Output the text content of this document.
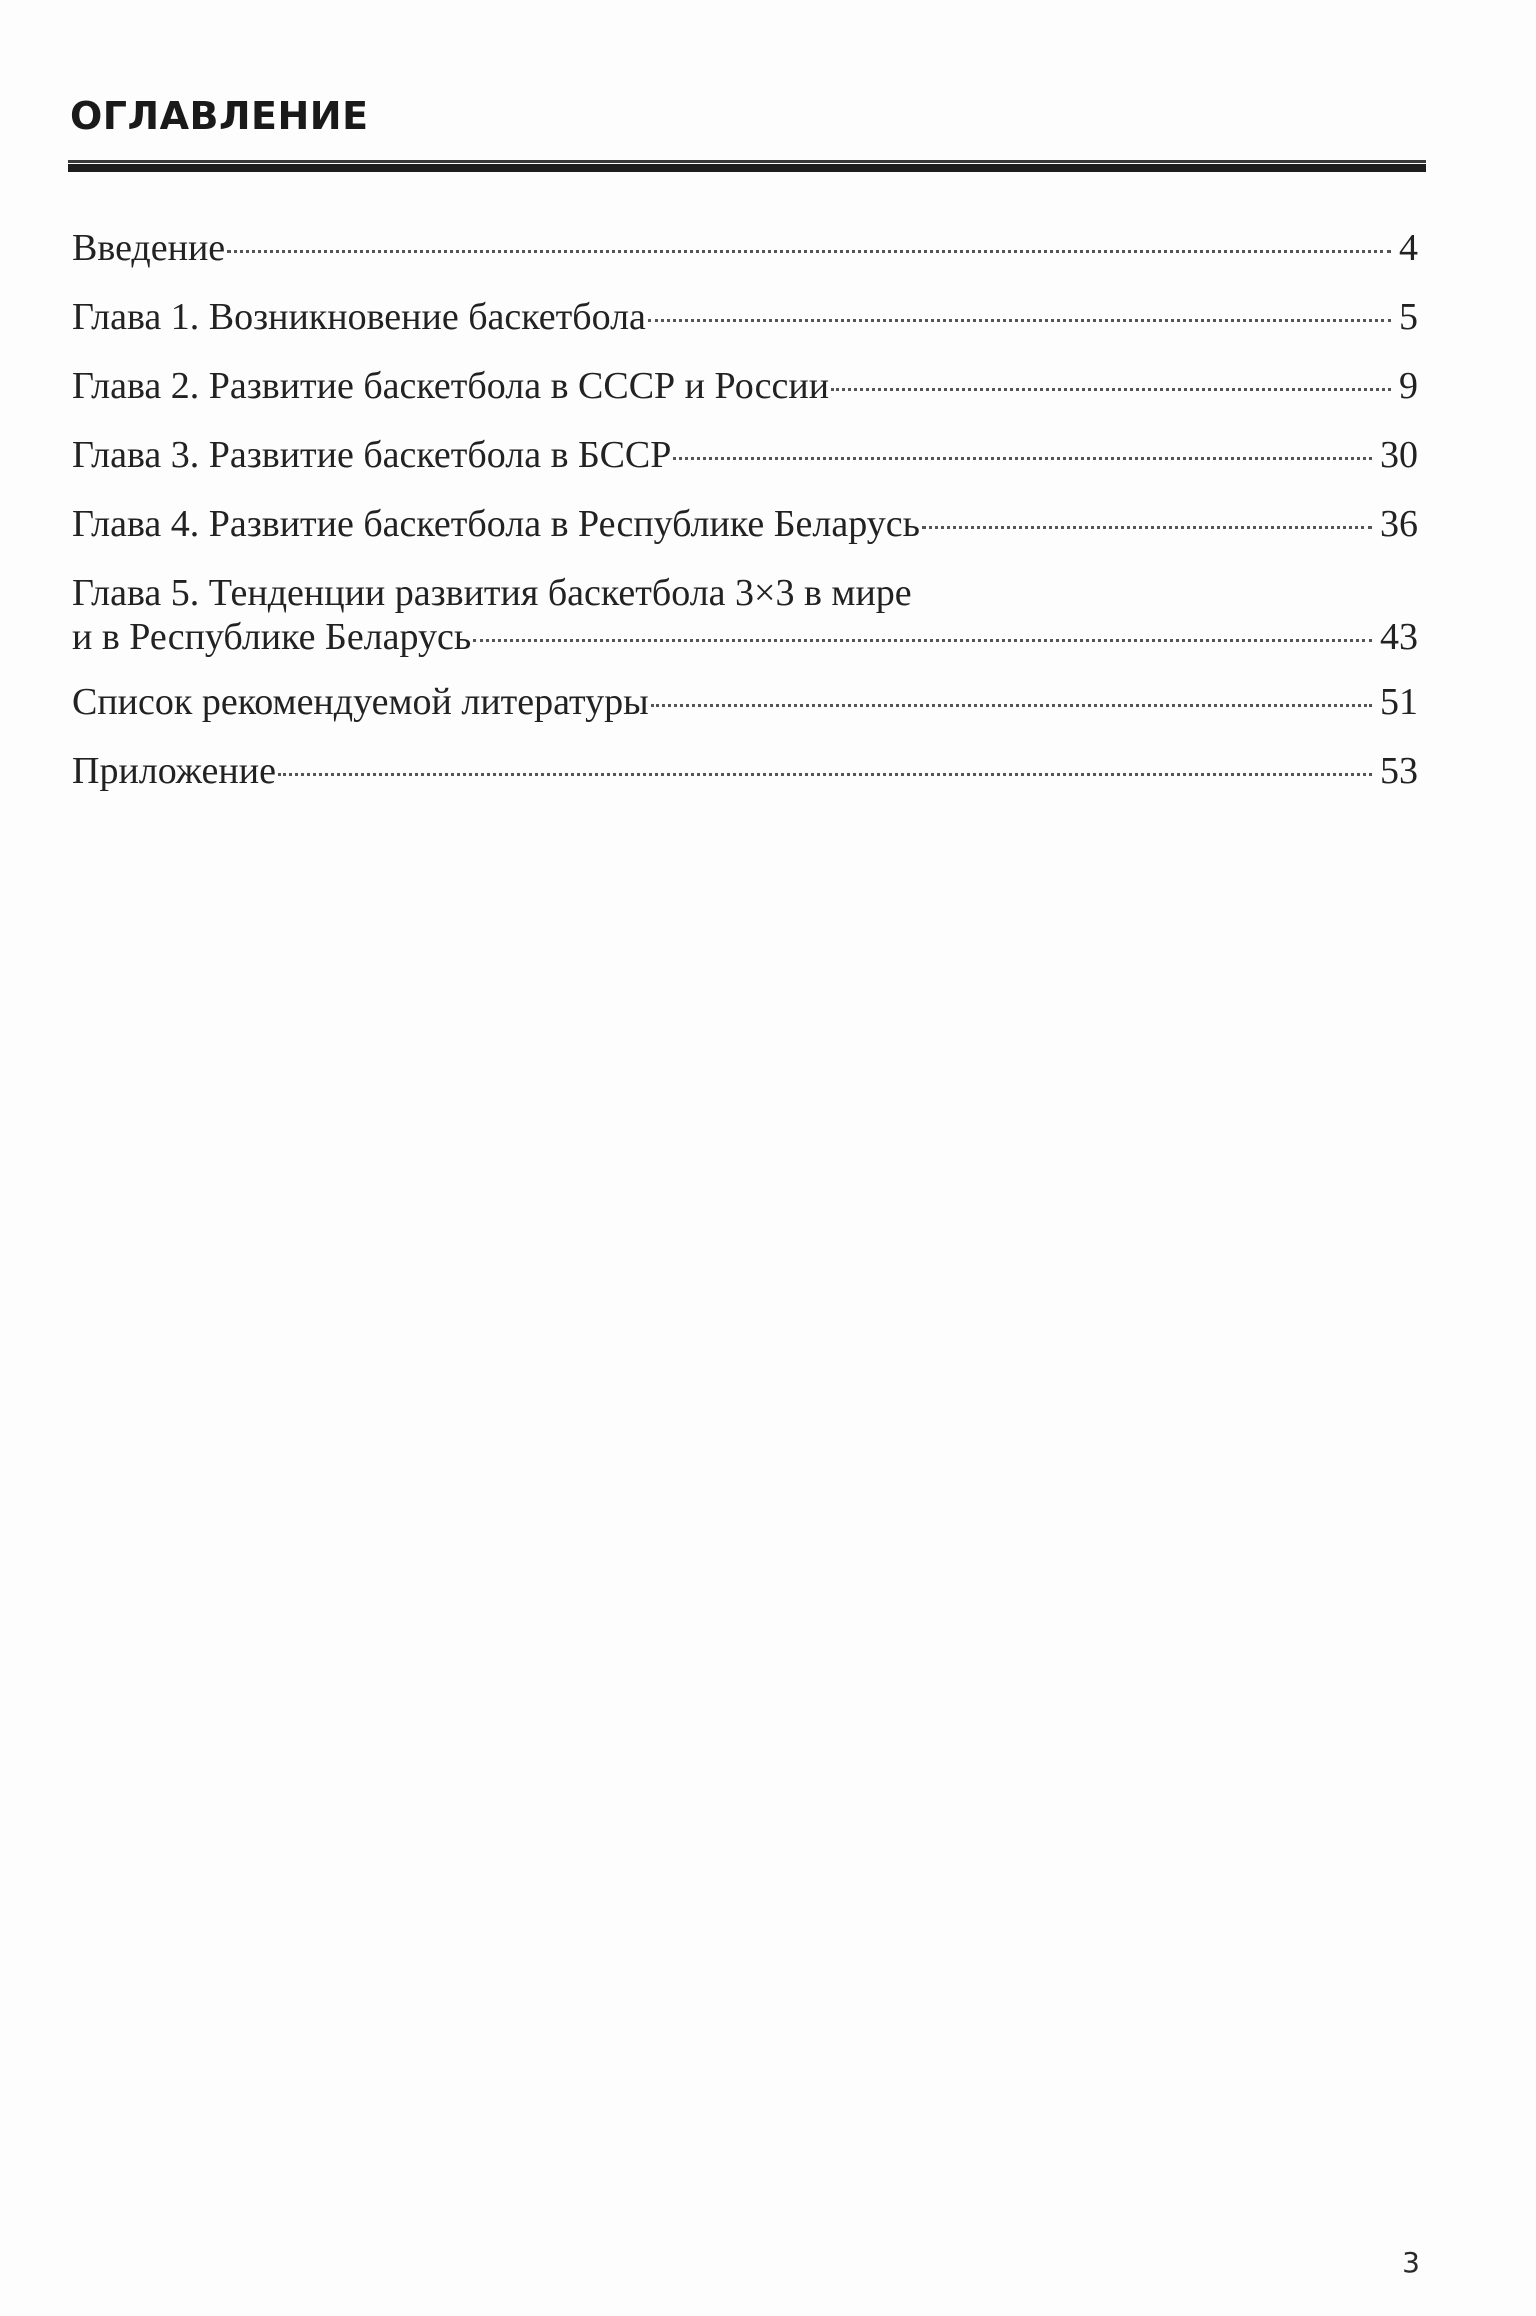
ОГЛАВЛЕНИЕ
Введение	4
Глава 1. Возникновение баскетбола	5
Глава 2. Развитие баскетбола в СССР и России	9
Глава 3. Развитие баскетбола в БССР	30
Глава 4. Развитие баскетбола в Республике Беларусь	36
Глава 5. Тенденции развития баскетбола 3×3 в мире
и в Республике Беларусь	43
Список рекомендуемой литературы	51
Приложение	53
3
